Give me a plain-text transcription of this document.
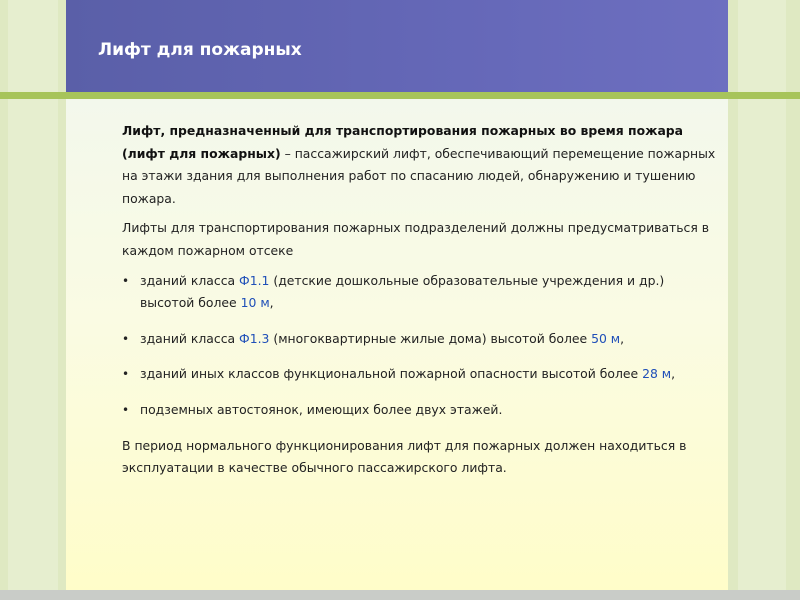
Лифт для пожарных

Лифт, предназначенный для транспортирования пожарных во время пожара (лифт для пожарных) – пассажирский лифт, обеспечивающий перемещение пожарных на этажи здания для выполнения работ по спасанию людей, обнаружению и тушению пожара.

Лифты для транспортирования пожарных подразделений должны предусматриваться в каждом пожарном отсеке

• зданий класса Ф1.1 (детские дошкольные образовательные учреждения и др.) высотой более 10 м,
• зданий класса Ф1.3 (многоквартирные жилые дома) высотой более 50 м,
• зданий иных классов функциональной пожарной опасности высотой более 28 м,
• подземных автостоянок, имеющих более двух этажей.

В период нормального функционирования лифт для пожарных должен находиться в эксплуатации в качестве обычного пассажирского лифта.
